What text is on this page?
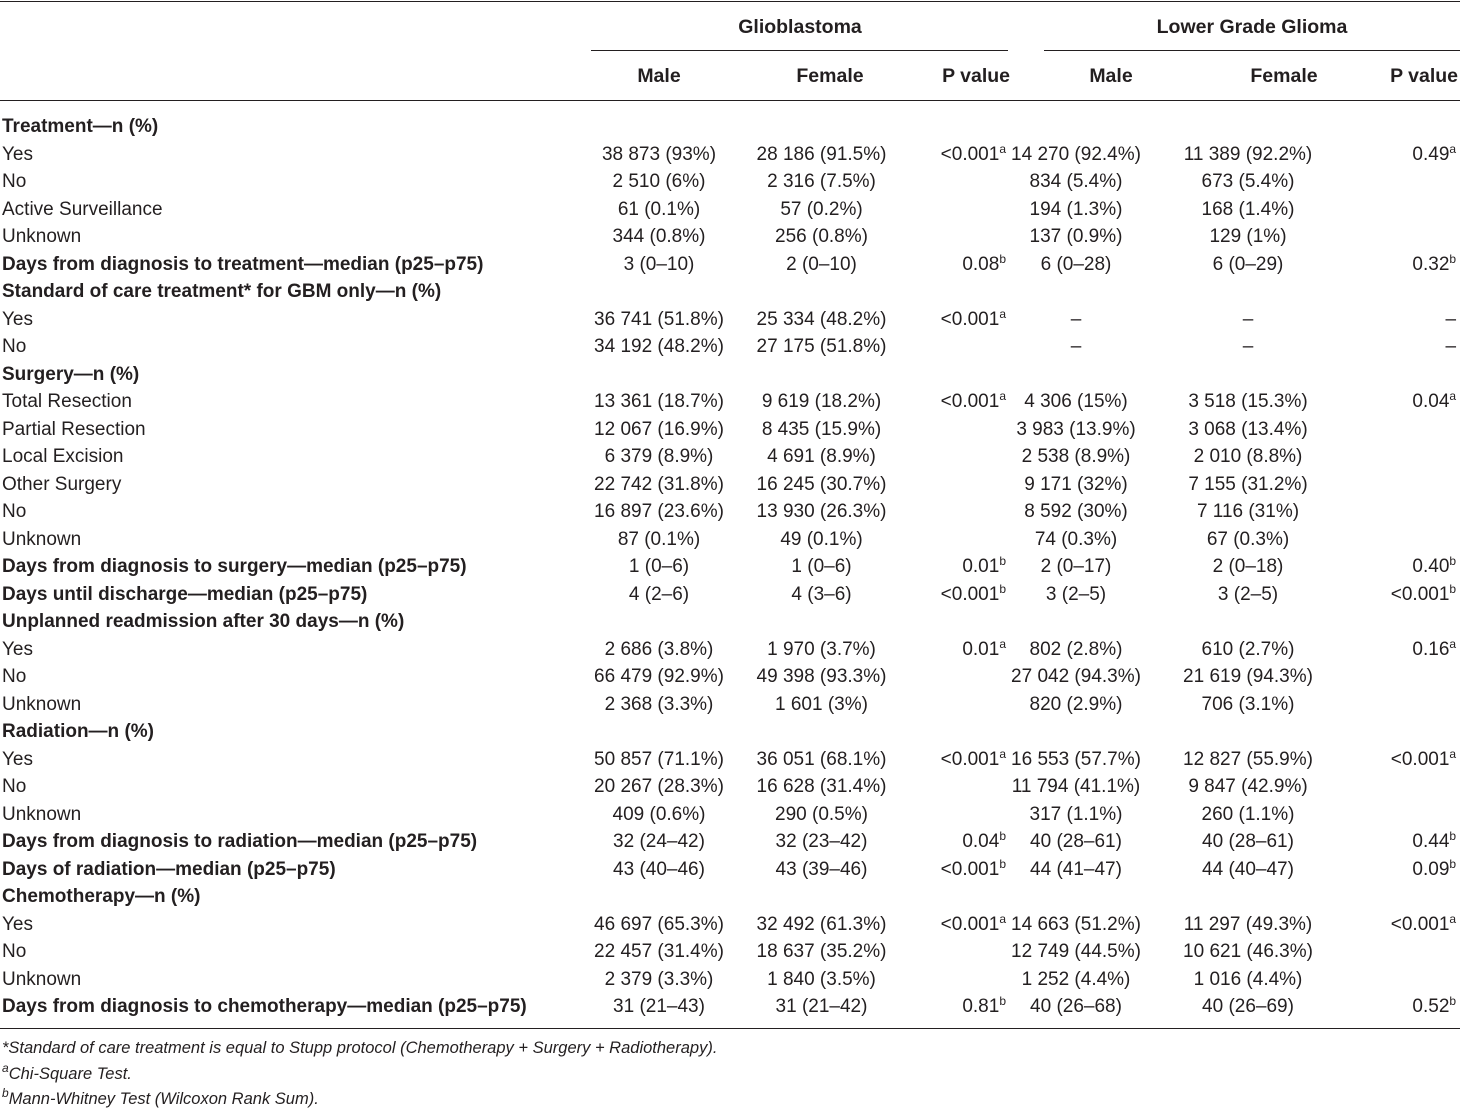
Glioblastoma	Lower Grade Glioma
Male	Female	P value	Male	Female	P value
Treatment—n (%)						
Yes	38 873 (93%)	28 186 (91.5%)	<0.001$^a$	14 270 (92.4%)	11 389 (92.2%)	0.49$^a$
No	2 510 (6%)	2 316 (7.5%)		834 (5.4%)	673 (5.4%)	
Active Surveillance	61 (0.1%)	57 (0.2%)		194 (1.3%)	168 (1.4%)	
Unknown	344 (0.8%)	256 (0.8%)		137 (0.9%)	129 (1%)	
Days from diagnosis to treatment—median (p25–p75)	3 (0–10)	2 (0–10)	0.08$^b$	6 (0–28)	6 (0–29)	0.32$^b$
Standard of care treatment* for GBM only—n (%)						
Yes	36 741 (51.8%)	25 334 (48.2%)	<0.001$^a$	–	–	–
No	34 192 (48.2%)	27 175 (51.8%)		–	–	–
Surgery—n (%)						
Total Resection	13 361 (18.7%)	9 619 (18.2%)	<0.001$^a$	4 306 (15%)	3 518 (15.3%)	0.04$^a$
Partial Resection	12 067 (16.9%)	8 435 (15.9%)		3 983 (13.9%)	3 068 (13.4%)	
Local Excision	6 379 (8.9%)	4 691 (8.9%)		2 538 (8.9%)	2 010 (8.8%)	
Other Surgery	22 742 (31.8%)	16 245 (30.7%)		9 171 (32%)	7 155 (31.2%)	
No	16 897 (23.6%)	13 930 (26.3%)		8 592 (30%)	7 116 (31%)	
Unknown	87 (0.1%)	49 (0.1%)		74 (0.3%)	67 (0.3%)	
Days from diagnosis to surgery—median (p25–p75)	1 (0–6)	1 (0–6)	0.01$^b$	2 (0–17)	2 (0–18)	0.40$^b$
Days until discharge—median (p25–p75)	4 (2–6)	4 (3–6)	<0.001$^b$	3 (2–5)	3 (2–5)	<0.001$^b$
Unplanned readmission after 30 days—n (%)						
Yes	2 686 (3.8%)	1 970 (3.7%)	0.01$^a$	802 (2.8%)	610 (2.7%)	0.16$^a$
No	66 479 (92.9%)	49 398 (93.3%)		27 042 (94.3%)	21 619 (94.3%)	
Unknown	2 368 (3.3%)	1 601 (3%)		820 (2.9%)	706 (3.1%)	
Radiation—n (%)						
Yes	50 857 (71.1%)	36 051 (68.1%)	<0.001$^a$	16 553 (57.7%)	12 827 (55.9%)	<0.001$^a$
No	20 267 (28.3%)	16 628 (31.4%)		11 794 (41.1%)	9 847 (42.9%)	
Unknown	409 (0.6%)	290 (0.5%)		317 (1.1%)	260 (1.1%)	
Days from diagnosis to radiation—median (p25–p75)	32 (24–42)	32 (23–42)	0.04$^b$	40 (28–61)	40 (28–61)	0.44$^b$
Days of radiation—median (p25–p75)	43 (40–46)	43 (39–46)	<0.001$^b$	44 (41–47)	44 (40–47)	0.09$^b$
Chemotherapy—n (%)						
Yes	46 697 (65.3%)	32 492 (61.3%)	<0.001$^a$	14 663 (51.2%)	11 297 (49.3%)	<0.001$^a$
No	22 457 (31.4%)	18 637 (35.2%)		12 749 (44.5%)	10 621 (46.3%)	
Unknown	2 379 (3.3%)	1 840 (3.5%)		1 252 (4.4%)	1 016 (4.4%)	
Days from diagnosis to chemotherapy—median (p25–p75)	31 (21–43)	31 (21–42)	0.81$^b$	40 (26–68)	40 (26–69)	0.52$^b$
*Standard of care treatment is equal to Stupp protocol (Chemotherapy + Surgery + Radiotherapy).
$^a$Chi-Square Test.
$^b$Mann-Whitney Test (Wilcoxon Rank Sum).
